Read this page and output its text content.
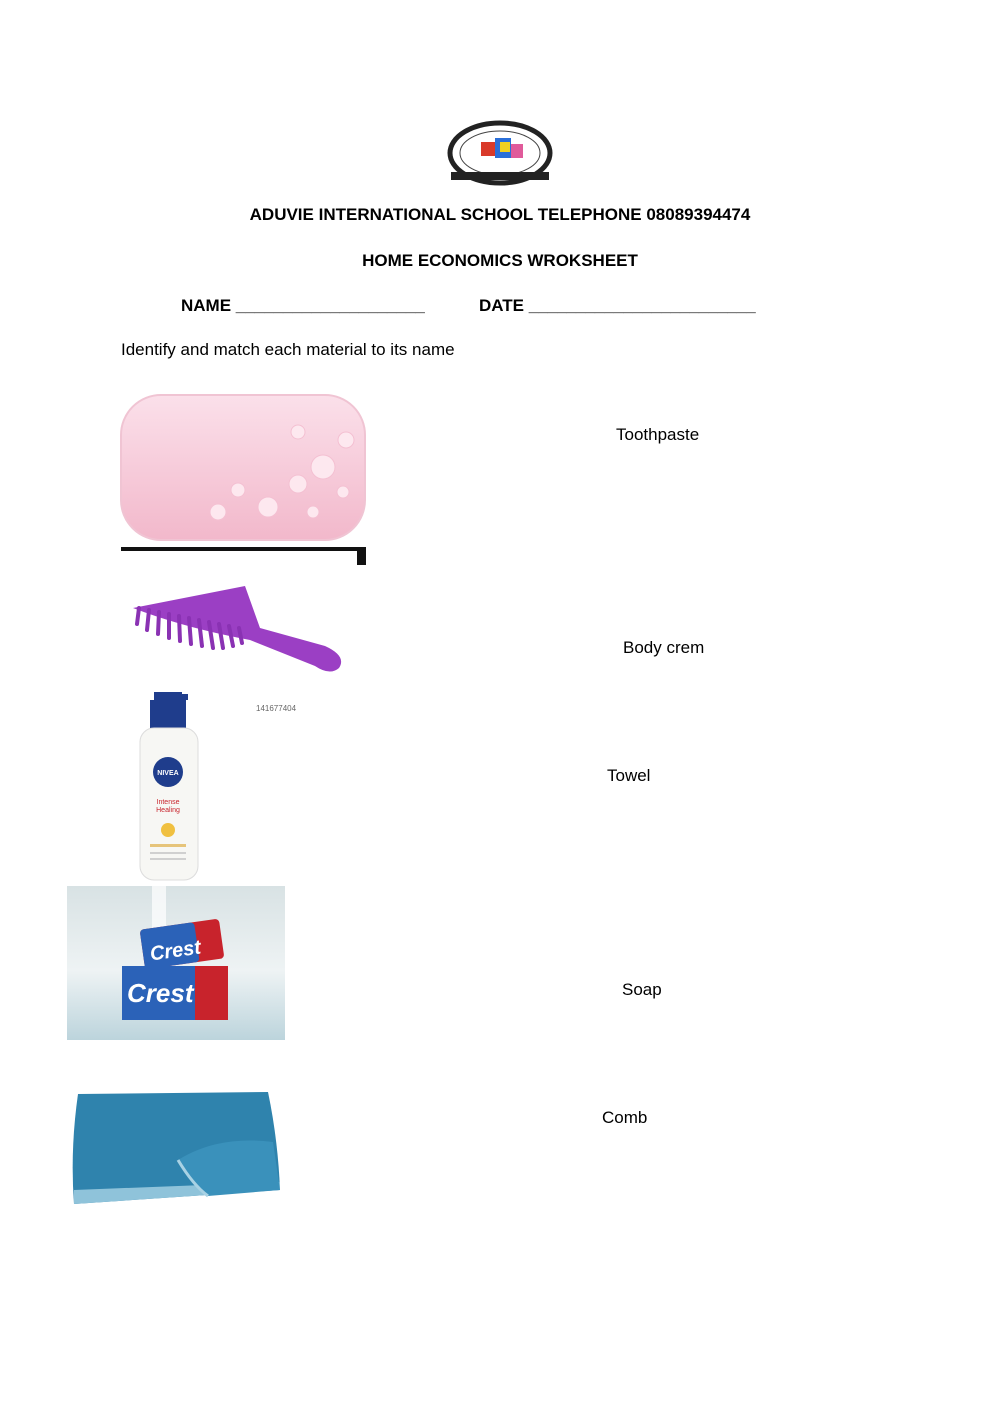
ADUVIE INTERNATIONAL SCHOOL TELEPHONE 08089394474
HOME ECONOMICS WROKSHEET
NAME ____________________	DATE ________________________
Identify and match each material to its name
NIVEA
Intense
Healing
141677404
Crest
Crest
Toothpaste
Body crem
Towel
Soap
Comb
